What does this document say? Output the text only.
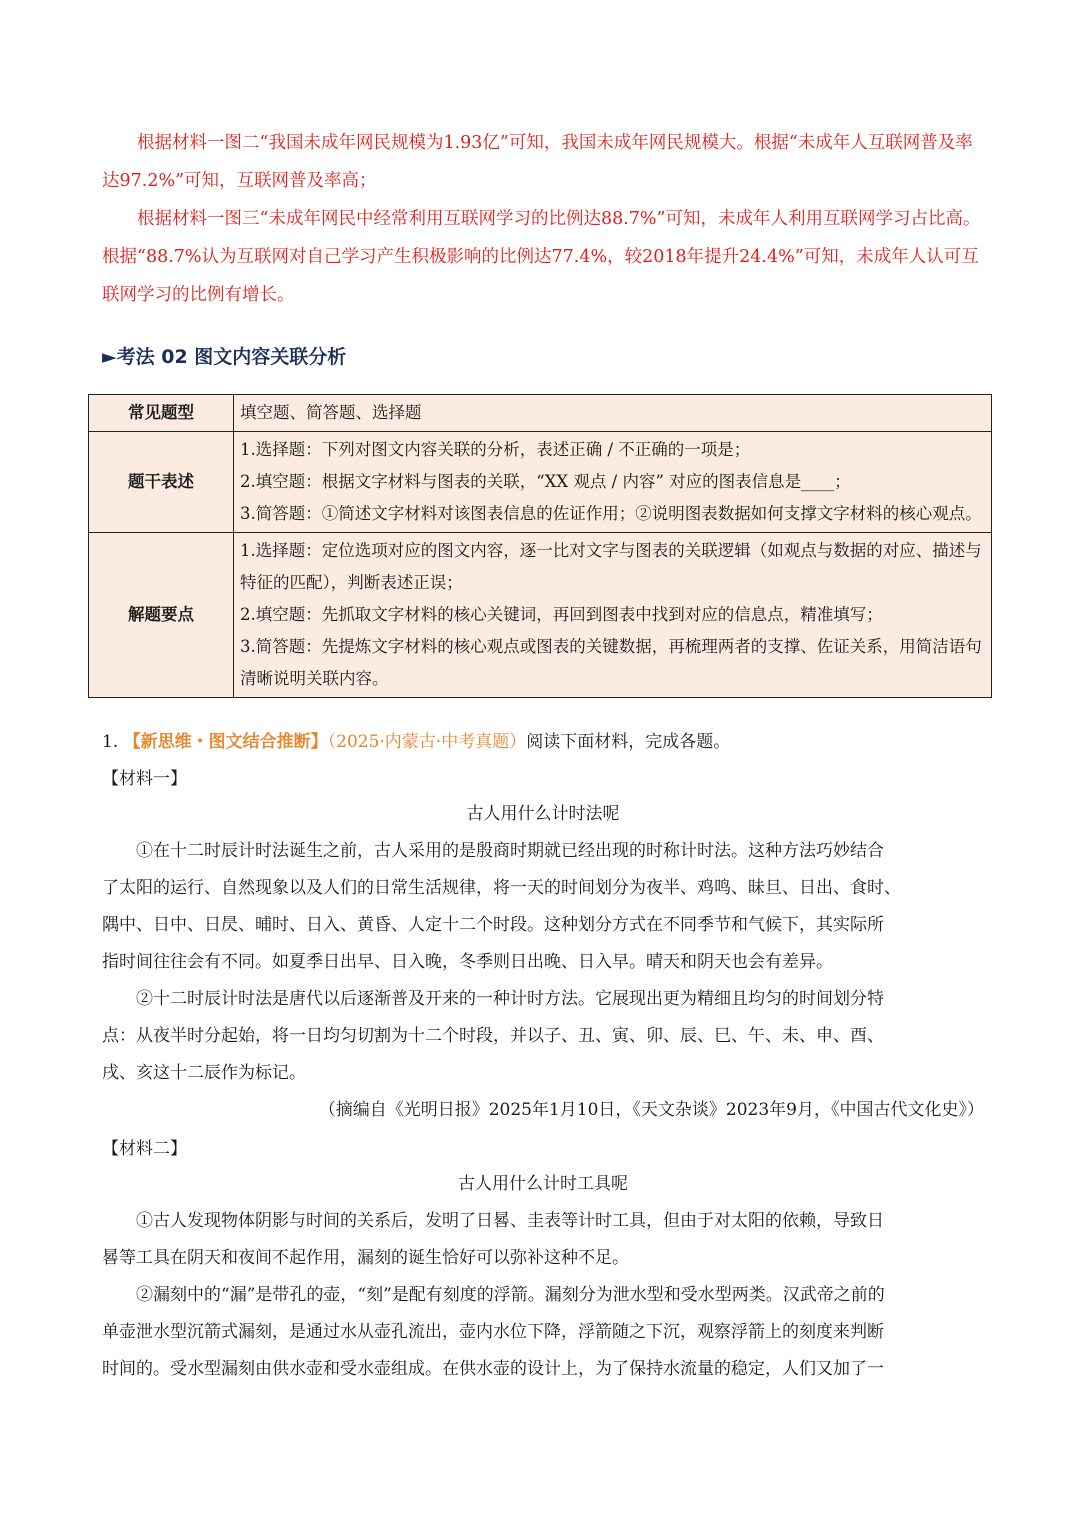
根据材料一图二“我国未成年网民规模为1.93亿”可知，我国未成年网民规模大。根据“未成年人互联网普及率达97.2%”可知，互联网普及率高；

根据材料一图三“未成年网民中经常利用互联网学习的比例达88.7%”可知，未成年人利用互联网学习占比高。根据“88.7%认为互联网对自己学习产生积极影响的比例达77.4%，较2018年提升24.4%”可知，未成年人认可互联网学习的比例有增长。

►考法 02 图文内容关联分析
常见题型	填空题、简答题、选择题

题干表述	1.选择题：下列对图文内容关联的分析，表述正确 / 不正确的一项是；
2.填空题：根据文字材料与图表的关联，“XX 观点 / 内容” 对应的图表信息是____；
3.简答题：①简述文字材料对该图表信息的佐证作用；②说明图表数据如何支撑文字材料的核心观点。

解题要点	1.选择题：定位选项对应的图文内容，逐一比对文字与图表的关联逻辑（如观点与数据的对应、描述与特征的匹配），判断表述正误；
2.填空题：先抓取文字材料的核心关键词，再回到图表中找到对应的信息点，精准填写；
3.简答题：先提炼文字材料的核心观点或图表的关键数据，再梳理两者的支撑、佐证关系，用简洁语句清晰说明关联内容。
1. 【新思维・图文结合推断】（2025·内蒙古·中考真题）阅读下面材料，完成各题。
【材料一】
古人用什么计时法呢
①在十二时辰计时法诞生之前，古人采用的是殷商时期就已经出现的时称计时法。这种方法巧妙结合
了太阳的运行、自然现象以及人们的日常生活规律，将一天的时间划分为夜半、鸡鸣、昧旦、日出、食时、
隅中、日中、日昃、晡时、日入、黄昏、人定十二个时段。这种划分方式在不同季节和气候下，其实际所
指时间往往会有不同。如夏季日出早、日入晚，冬季则日出晚、日入早。晴天和阴天也会有差异。
②十二时辰计时法是唐代以后逐渐普及开来的一种计时方法。它展现出更为精细且均匀的时间划分特
点：从夜半时分起始，将一日均匀切割为十二个时段，并以子、丑、寅、卯、辰、巳、午、未、申、酉、
戌、亥这十二辰作为标记。
（摘编自《光明日报》2025年1月10日，《天文杂谈》2023年9月，《中国古代文化史》）
【材料二】
古人用什么计时工具呢
①古人发现物体阴影与时间的关系后，发明了日晷、圭表等计时工具，但由于对太阳的依赖，导致日
晷等工具在阴天和夜间不起作用，漏刻的诞生恰好可以弥补这种不足。
②漏刻中的“漏”是带孔的壶，“刻”是配有刻度的浮箭。漏刻分为泄水型和受水型两类。汉武帝之前的
单壶泄水型沉箭式漏刻，是通过水从壶孔流出，壶内水位下降，浮箭随之下沉，观察浮箭上的刻度来判断
时间的。受水型漏刻由供水壶和受水壶组成。在供水壶的设计上，为了保持水流量的稳定，人们又加了一
